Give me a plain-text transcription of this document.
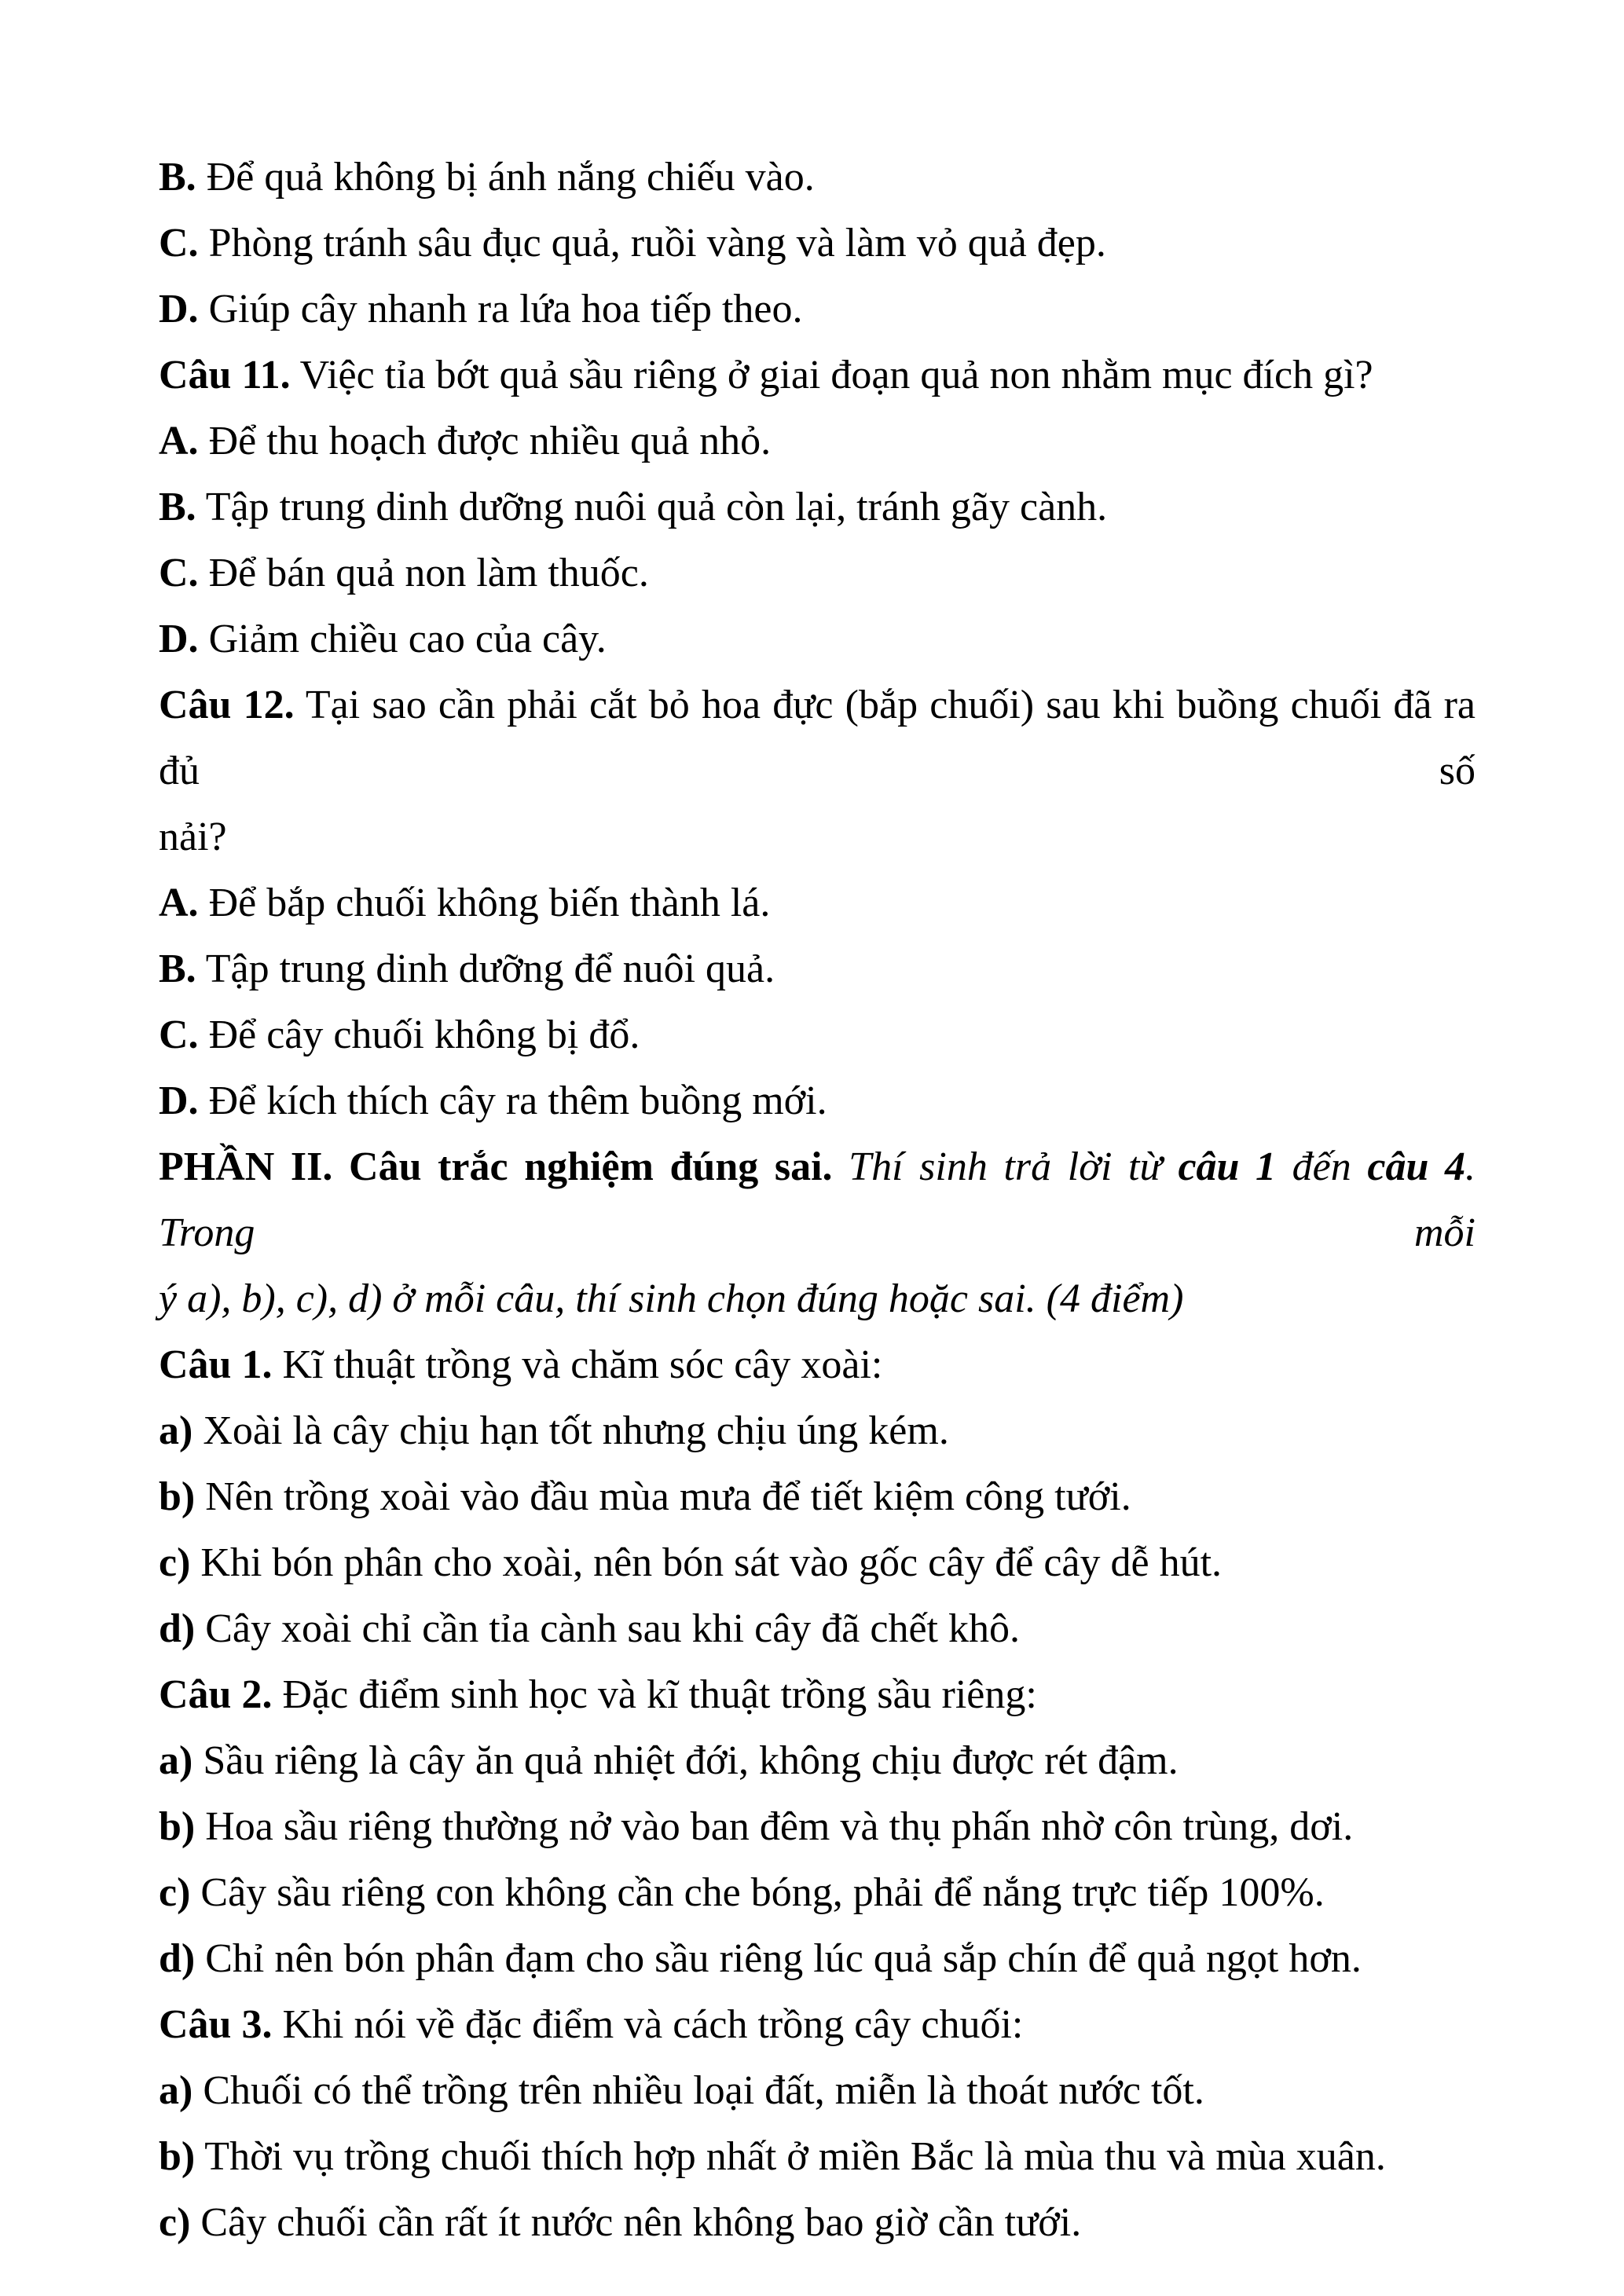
B. Để quả không bị ánh nắng chiếu vào.
C. Phòng tránh sâu đục quả, ruồi vàng và làm vỏ quả đẹp.
D. Giúp cây nhanh ra lứa hoa tiếp theo.
Câu 11. Việc tỉa bớt quả sầu riêng ở giai đoạn quả non nhằm mục đích gì?
A. Để thu hoạch được nhiều quả nhỏ.
B. Tập trung dinh dưỡng nuôi quả còn lại, tránh gãy cành.
C. Để bán quả non làm thuốc.
D. Giảm chiều cao của cây.
Câu 12. Tại sao cần phải cắt bỏ hoa đực (bắp chuối) sau khi buồng chuối đã ra đủ số
nải?
A. Để bắp chuối không biến thành lá.
B. Tập trung dinh dưỡng để nuôi quả.
C. Để cây chuối không bị đổ.
D. Để kích thích cây ra thêm buồng mới.
PHẦN II. Câu trắc nghiệm đúng sai. Thí sinh trả lời từ câu 1 đến câu 4. Trong mỗi
ý a), b), c), d) ở mỗi câu, thí sinh chọn đúng hoặc sai. (4 điểm)
Câu 1. Kĩ thuật trồng và chăm sóc cây xoài:
a) Xoài là cây chịu hạn tốt nhưng chịu úng kém.
b) Nên trồng xoài vào đầu mùa mưa để tiết kiệm công tưới.
c) Khi bón phân cho xoài, nên bón sát vào gốc cây để cây dễ hút.
d) Cây xoài chỉ cần tỉa cành sau khi cây đã chết khô.
Câu 2. Đặc điểm sinh học và kĩ thuật trồng sầu riêng:
a) Sầu riêng là cây ăn quả nhiệt đới, không chịu được rét đậm.
b) Hoa sầu riêng thường nở vào ban đêm và thụ phấn nhờ côn trùng, dơi.
c) Cây sầu riêng con không cần che bóng, phải để nắng trực tiếp 100%.
d) Chỉ nên bón phân đạm cho sầu riêng lúc quả sắp chín để quả ngọt hơn.
Câu 3. Khi nói về đặc điểm và cách trồng cây chuối:
a) Chuối có thể trồng trên nhiều loại đất, miễn là thoát nước tốt.
b) Thời vụ trồng chuối thích hợp nhất ở miền Bắc là mùa thu và mùa xuân.
c) Cây chuối cần rất ít nước nên không bao giờ cần tưới.
